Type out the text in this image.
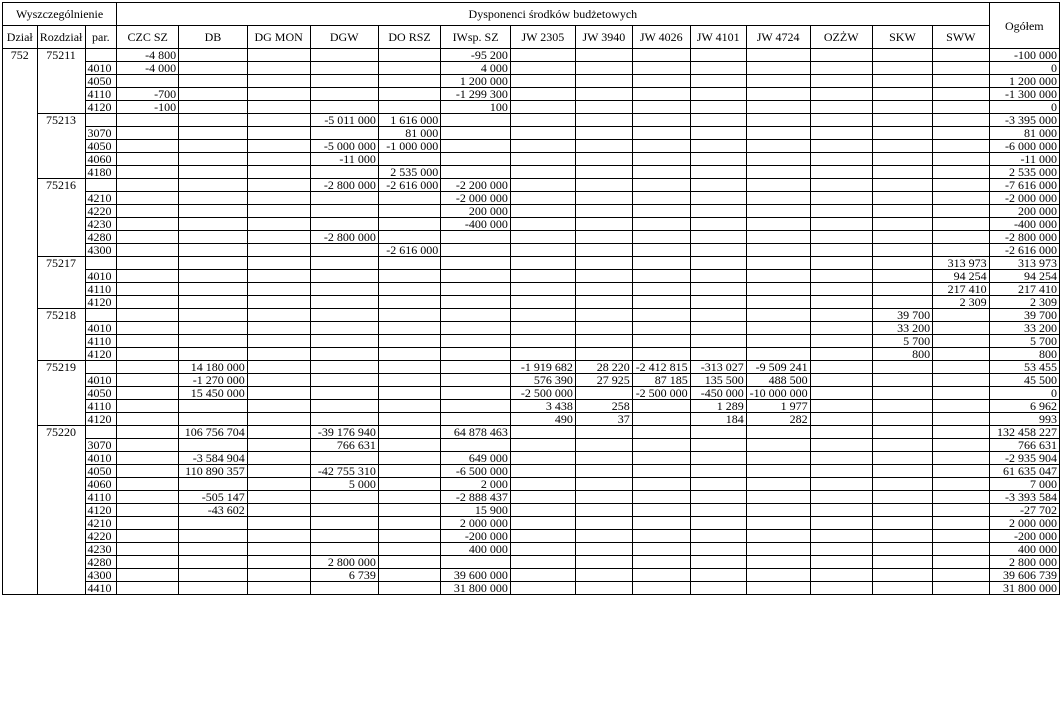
Wyszczególnienie			Dysponenci środków budżetowych														Ogółem
Dział	Rozdział	par.	CZC SZ	DB	DG MON	DGW	DO RSZ	IWsp. SZ	JW 2305	JW 3940	JW 4026	JW 4101	JW 4724	OZŻW	SKW	SWW	
752	75211		-4 800					-95 200									-100 000
		4010	-4 000					4 000									0
		4050						1 200 000									1 200 000
		4110	-700					-1 299 300									-1 300 000
		4120	-100					100									0
	75213					-5 011 000	1 616 000										-3 395 000
		3070					81 000										81 000
		4050				-5 000 000	-1 000 000										-6 000 000
		4060				-11 000											-11 000
		4180					2 535 000										2 535 000
	75216					-2 800 000	-2 616 000	-2 200 000									-7 616 000
		4210						-2 000 000									-2 000 000
		4220						200 000									200 000
		4230						-400 000									-400 000
		4280				-2 800 000											-2 800 000
		4300					-2 616 000										-2 616 000
	75217															313 973	313 973
		4010														94 254	94 254
		4110														217 410	217 410
		4120														2 309	2 309
	75218														39 700		39 700
		4010													33 200		33 200
		4110													5 700		5 700
		4120													800		800
	75219			14 180 000					-1 919 682	28 220	-2 412 815	-313 027	-9 509 241				53 455
		4010		-1 270 000					576 390	27 925	87 185	135 500	488 500				45 500
		4050		15 450 000					-2 500 000		-2 500 000	-450 000	-10 000 000				0
		4110							3 438	258		1 289	1 977				6 962
		4120							490	37		184	282				993
	75220			106 756 704		-39 176 940		64 878 463									132 458 227
		3070				766 631											766 631
		4010		-3 584 904				649 000									-2 935 904
		4050		110 890 357		-42 755 310		-6 500 000									61 635 047
		4060				5 000		2 000									7 000
		4110		-505 147				-2 888 437									-3 393 584
		4120		-43 602				15 900									-27 702
		4210						2 000 000									2 000 000
		4220						-200 000									-200 000
		4230						400 000									400 000
		4280				2 800 000											2 800 000
		4300				6 739		39 600 000									39 606 739
		4410						31 800 000									31 800 000
